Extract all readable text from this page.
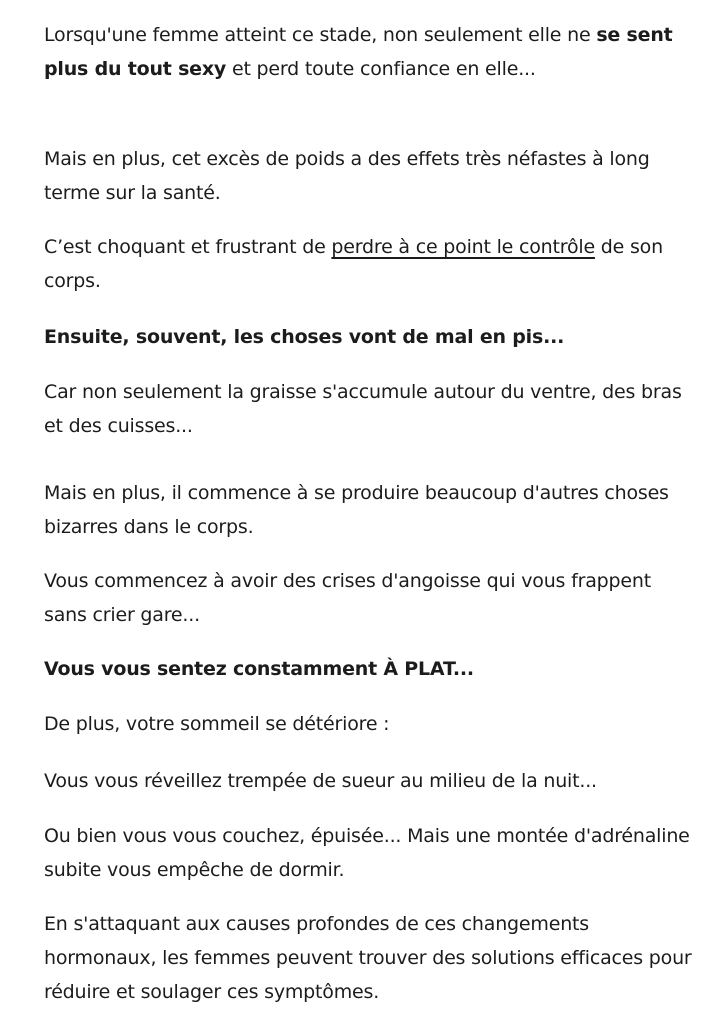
Lorsqu'une femme atteint ce stade, non seulement elle ne se sent plus du tout sexy et perd toute confiance en elle...

Mais en plus, cet excès de poids a des effets très néfastes à long terme sur la santé.

C’est choquant et frustrant de perdre à ce point le contrôle de son corps.

Ensuite, souvent, les choses vont de mal en pis...

Car non seulement la graisse s'accumule autour du ventre, des bras et des cuisses...

Mais en plus, il commence à se produire beaucoup d'autres choses bizarres dans le corps.

Vous commencez à avoir des crises d'angoisse qui vous frappent sans crier gare...

Vous vous sentez constamment À PLAT...

De plus, votre sommeil se détériore :

Vous vous réveillez trempée de sueur au milieu de la nuit...

Ou bien vous vous couchez, épuisée... Mais une montée d'adrénaline subite vous empêche de dormir.

En s'attaquant aux causes profondes de ces changements hormonaux, les femmes peuvent trouver des solutions efficaces pour réduire et soulager ces symptômes.
